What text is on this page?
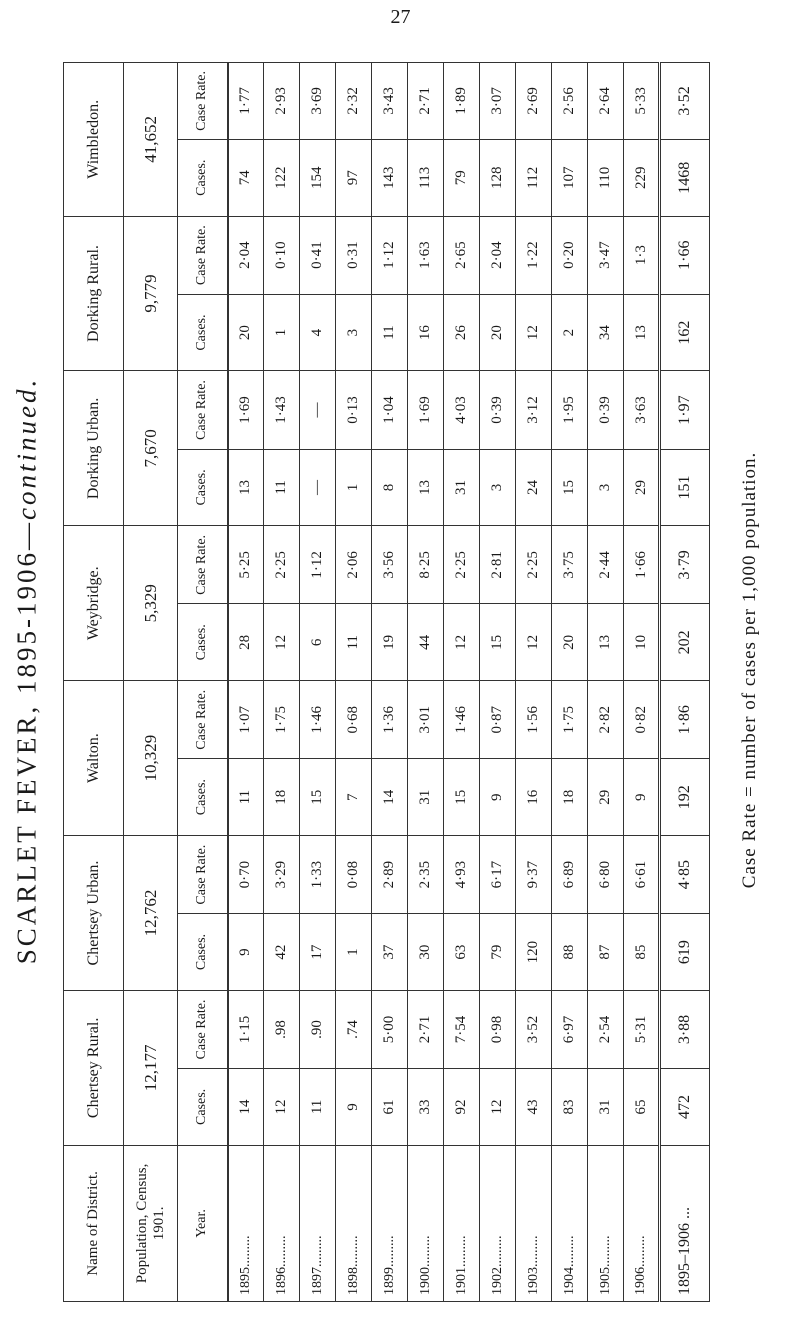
27
SCARLET FEVER, 1895-1906—continued.
Case Rate = number of cases per 1,000 population.
Name of District.	Chertsey Rural.		Chertsey Urban.		Walton.		Weybridge.		Dorking Urban.		Dorking Rural.		Wimbledon.	
Population, Census, 1901.	12,177		12,762		10,329		5,329		7,670		9,779		41,652	
Year.	Cases.	Case Rate.	Cases.	Case Rate.	Cases.	Case Rate.	Cases.	Case Rate.	Cases.	Case Rate.	Cases.	Case Rate.	Cases.	Case Rate.
1895.........	14	1·15	9	0·70	11	1·07	28	5·25	13	1·69	20	2·04	74	1·77
1896.........	12	.98	42	3·29	18	1·75	12	2·25	11	1·43	1	0·10	122	2·93
1897.........	11	.90	17	1·33	15	1·46	6	1·12	—	—	4	0·41	154	3·69
1898.........	9	.74	1	0·08	7	0·68	11	2·06	1	0·13	3	0·31	97	2·32
1899.........	61	5·00	37	2·89	14	1·36	19	3·56	8	1·04	11	1·12	143	3·43
1900.........	33	2·71	30	2·35	31	3·01	44	8·25	13	1·69	16	1·63	113	2·71
1901.........	92	7·54	63	4·93	15	1·46	12	2·25	31	4·03	26	2·65	79	1·89
1902.........	12	0·98	79	6·17	9	0·87	15	2·81	3	0·39	20	2·04	128	3·07
1903.........	43	3·52	120	9·37	16	1·56	12	2·25	24	3·12	12	1·22	112	2·69
1904.........	83	6·97	88	6·89	18	1·75	20	3·75	15	1·95	2	0·20	107	2·56
1905.........	31	2·54	87	6·80	29	2·82	13	2·44	3	0·39	34	3·47	110	2·64
1906.........	65	5·31	85	6·61	9	0·82	10	1·66	29	3·63	13	1·3	229	5·33
1895–1906 ...	472	3·88	619	4·85	192	1·86	202	3·79	151	1·97	162	1·66	1468	3·52
